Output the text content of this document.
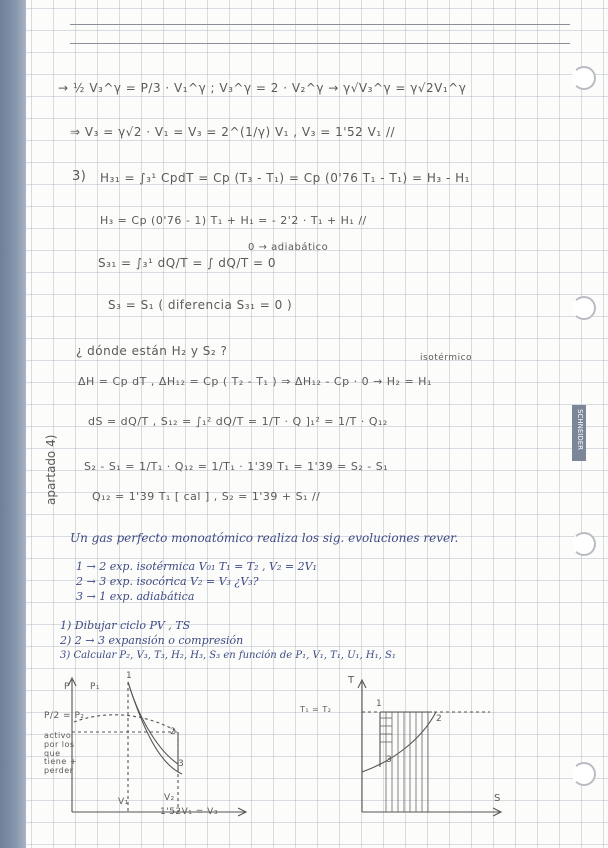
SCHNEIDER
→ ½ V₃^γ = P/3 · V₁^γ ; V₃^γ = 2 · V₂^γ → γ√V₃^γ = γ√2V₁^γ
⇒ V₃ = γ√2 · V₁ = V₃ = 2^(1/γ) V₁ , V₃ = 1'52 V₁ //
3) H₃₁ = ∫₃¹ CpdT = Cp (T₃ - T₁) = Cp (0'76 T₁ - T₁) = H₃ - H₁
H₃ = Cp (0'76 - 1) T₁ + H₁ = - 2'2 · T₁ + H₁ //
S₃₁ = ∫₃¹ dQ/T = ∫ dQ/T = 0
0 → adiabático
S₃ = S₁ ( diferencia S₃₁ = 0 )
¿ dónde están H₂ y S₂ ?	isotérmico
ΔH = Cp dT , ΔH₁₂ = Cp ( T₂ - T₁ ) ⇒ ΔH₁₂ - Cp · 0 → H₂ = H₁
dS = dQ/T , S₁₂ = ∫₁² dQ/T = 1/T · Q ]₁² = 1/T · Q₁₂
S₂ - S₁ = 1/T₁ · Q₁₂ = 1/T₁ · 1'39 T₁ = 1'39 = S₂ - S₁
Q₁₂ = 1'39 T₁ [ cal ] , S₂ = 1'39 + S₁ //
apartado 4)
Un gas perfecto monoatómico realiza los sig. evoluciones rever.
1 → 2 exp. isotérmica V₀₁ T₁ = T₂ , V₂ = 2V₁
2 → 3 exp. isocórica V₂ = V₃ ¿V₃?
3 → 1 exp. adiabática
1) Dibujar ciclo PV , TS
2) 2 → 3 expansión o compresión
3) Calcular P₂, V₃, T₃, H₂, H₃, S₃ en función de P₁, V₁, T₁, U₁, H₁, S₁
P P₁
P/2 = P₂
activo por los que tiene + perder
1
2
3
V₁	V₂
1'52V₁ = V₃
T
S
T₁ = T₂
1
2
3
